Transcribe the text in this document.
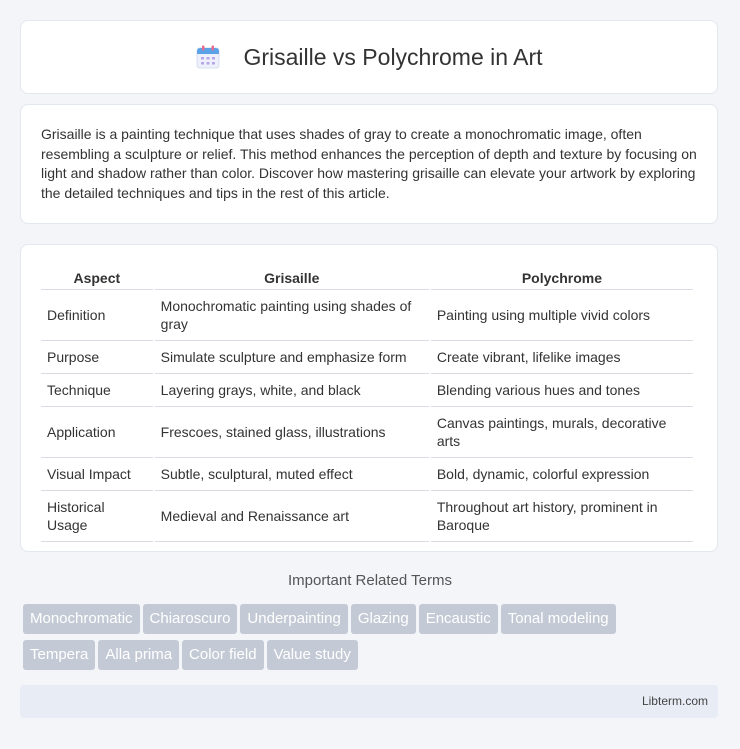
Grisaille vs Polychrome in Art

Grisaille is a painting technique that uses shades of gray to create a monochromatic image, often resembling a sculpture or relief. This method enhances the perception of depth and texture by focusing on light and shadow rather than color. Discover how mastering grisaille can elevate your artwork by exploring the detailed techniques and tips in the rest of this article.

Aspect	Grisaille	Polychrome
Definition	Monochromatic painting using shades of gray	Painting using multiple vivid colors
Purpose	Simulate sculpture and emphasize form	Create vibrant, lifelike images
Technique	Layering grays, white, and black	Blending various hues and tones
Application	Frescoes, stained glass, illustrations	Canvas paintings, murals, decorative arts
Visual Impact	Subtle, sculptural, muted effect	Bold, dynamic, colorful expression
Historical Usage	Medieval and Renaissance art	Throughout art history, prominent in Baroque
Important Related Terms
Monochromatic Chiaroscuro Underpainting Glazing Encaustic Tonal modeling
Tempera Alla prima Color field Value study
Libterm.com
